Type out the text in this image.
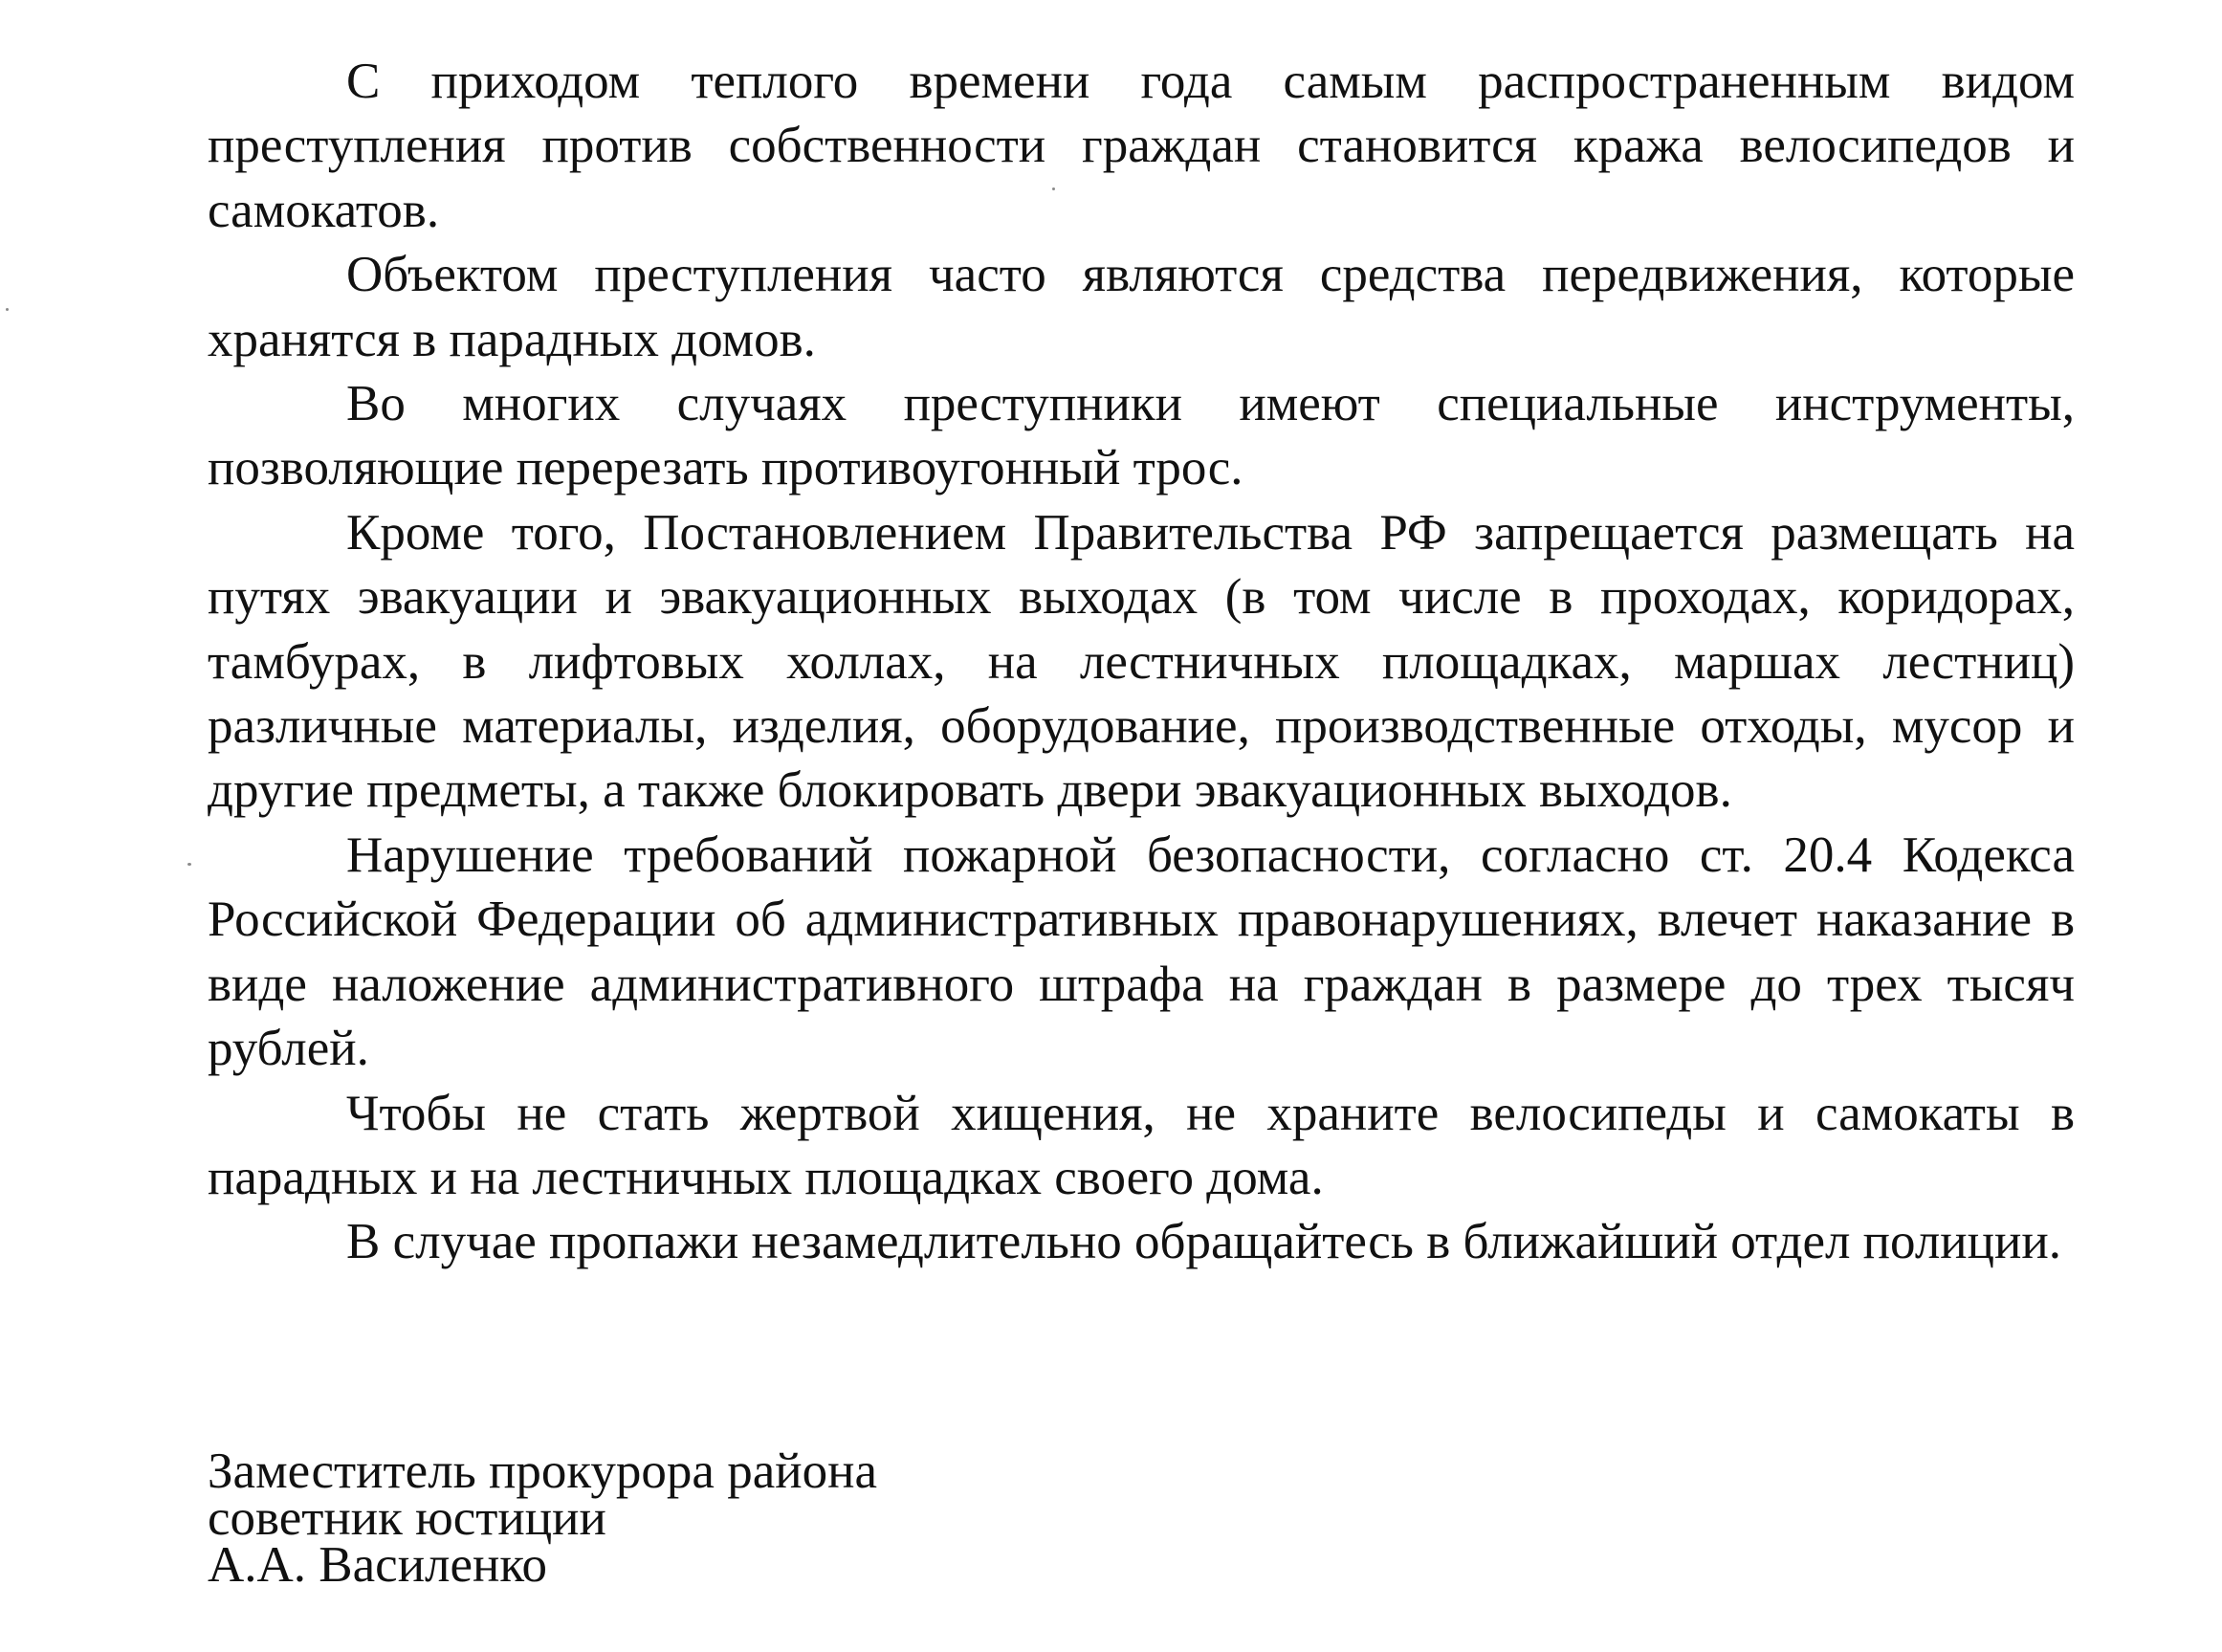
С приходом теплого времени года самым распространенным видом преступления против собственности граждан становится кража велосипедов и самокатов.

Объектом преступления часто являются средства передвижения, которые хранятся в парадных домов.

Во многих случаях преступники имеют специальные инструменты, позволяющие перерезать противоугонный трос.

Кроме того, Постановлением Правительства РФ запрещается размещать на путях эвакуации и эвакуационных выходах (в том числе в проходах, коридорах, тамбурах, в лифтовых холлах, на лестничных площадках, маршах лестниц) различные материалы, изделия, оборудование, производственные отходы, мусор и другие предметы, а также блокировать двери эвакуационных выходов.

Нарушение требований пожарной безопасности, согласно ст. 20.4 Кодекса Российской Федерации об административных правонарушениях, влечет наказание в виде наложение административного штрафа на граждан в размере до трех тысяч рублей.

Чтобы не стать жертвой хищения, не храните велосипеды и самокаты в парадных и на лестничных площадках своего дома.

В случае пропажи незамедлительно обращайтесь в ближайший отдел полиции.

Заместитель прокурора района
советник юстиции
А.А. Василенко
